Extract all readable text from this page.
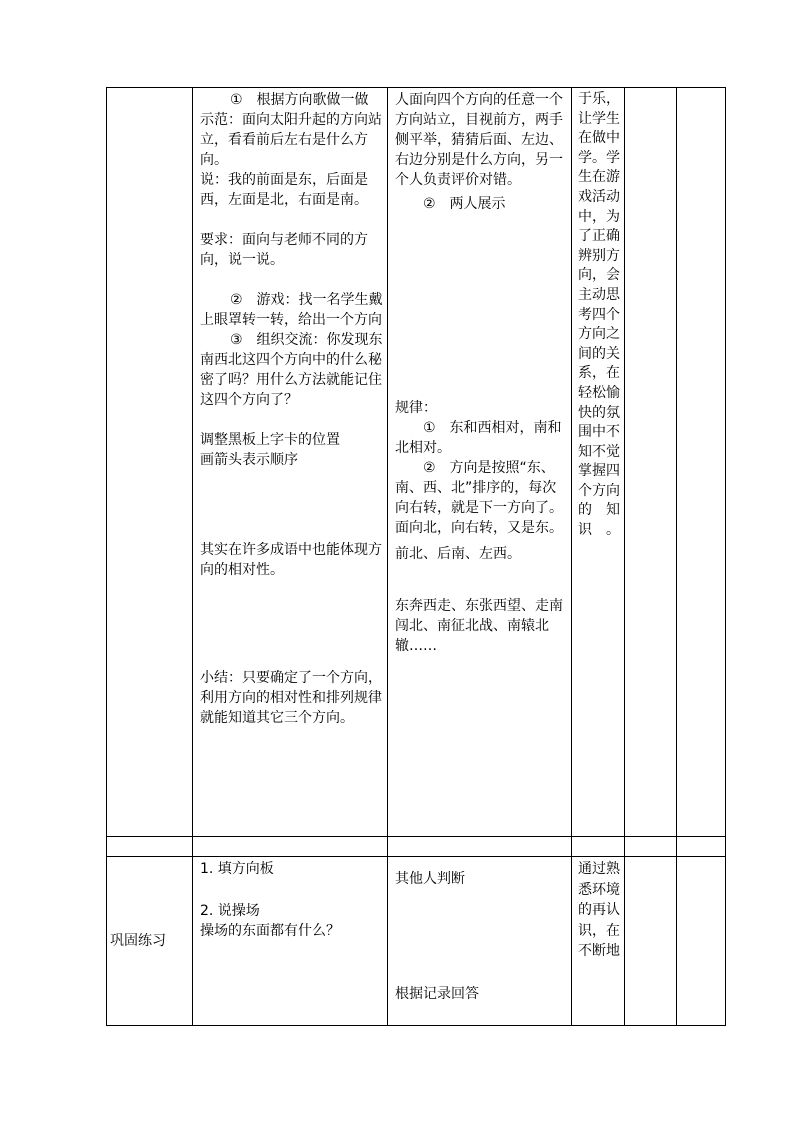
①　根据方向歌做一做

示范：面向太阳升起的方向站立，看看前后左右是什么方向。

说：我的前面是东，后面是西，左面是北，右面是南。

要求：面向与老师不同的方向，说一说。

②　游戏：找一名学生戴上眼罩转一转，给出一个方向

③　组织交流：你发现东南西北这四个方向中的什么秘密了吗？用什么方法就能记住这四个方向了？

调整黑板上字卡的位置

画箭头表示顺序

其实在许多成语中也能体现方向的相对性。

小结：只要确定了一个方向，利用方向的相对性和排列规律就能知道其它三个方向。

人面向四个方向的任意一个方向站立，目视前方，两手侧平举，猜猜后面、左边、右边分别是什么方向，另一个人负责评价对错。

②　两人展示

规律：

①　东和西相对，南和北相对。

②　方向是按照“东、南、西、北”排序的，每次向右转，就是下一方向了。面向北，向右转，又是东。

前北、后南、左西。

东奔西走、东张西望、走南闯北、南征北战、南辕北辙……

于乐，让学生在做中学。学生在游戏活动中，为了正确辨别方向，会主动思考四个方向之间的关系，在轻松愉快的氛围中不知不觉掌握四个方向的知识。
巩固练习

1. 填方向板

2. 说操场

操场的东面都有什么？

其他人判断

根据记录回答

通过熟悉环境的再认识，在不断地
